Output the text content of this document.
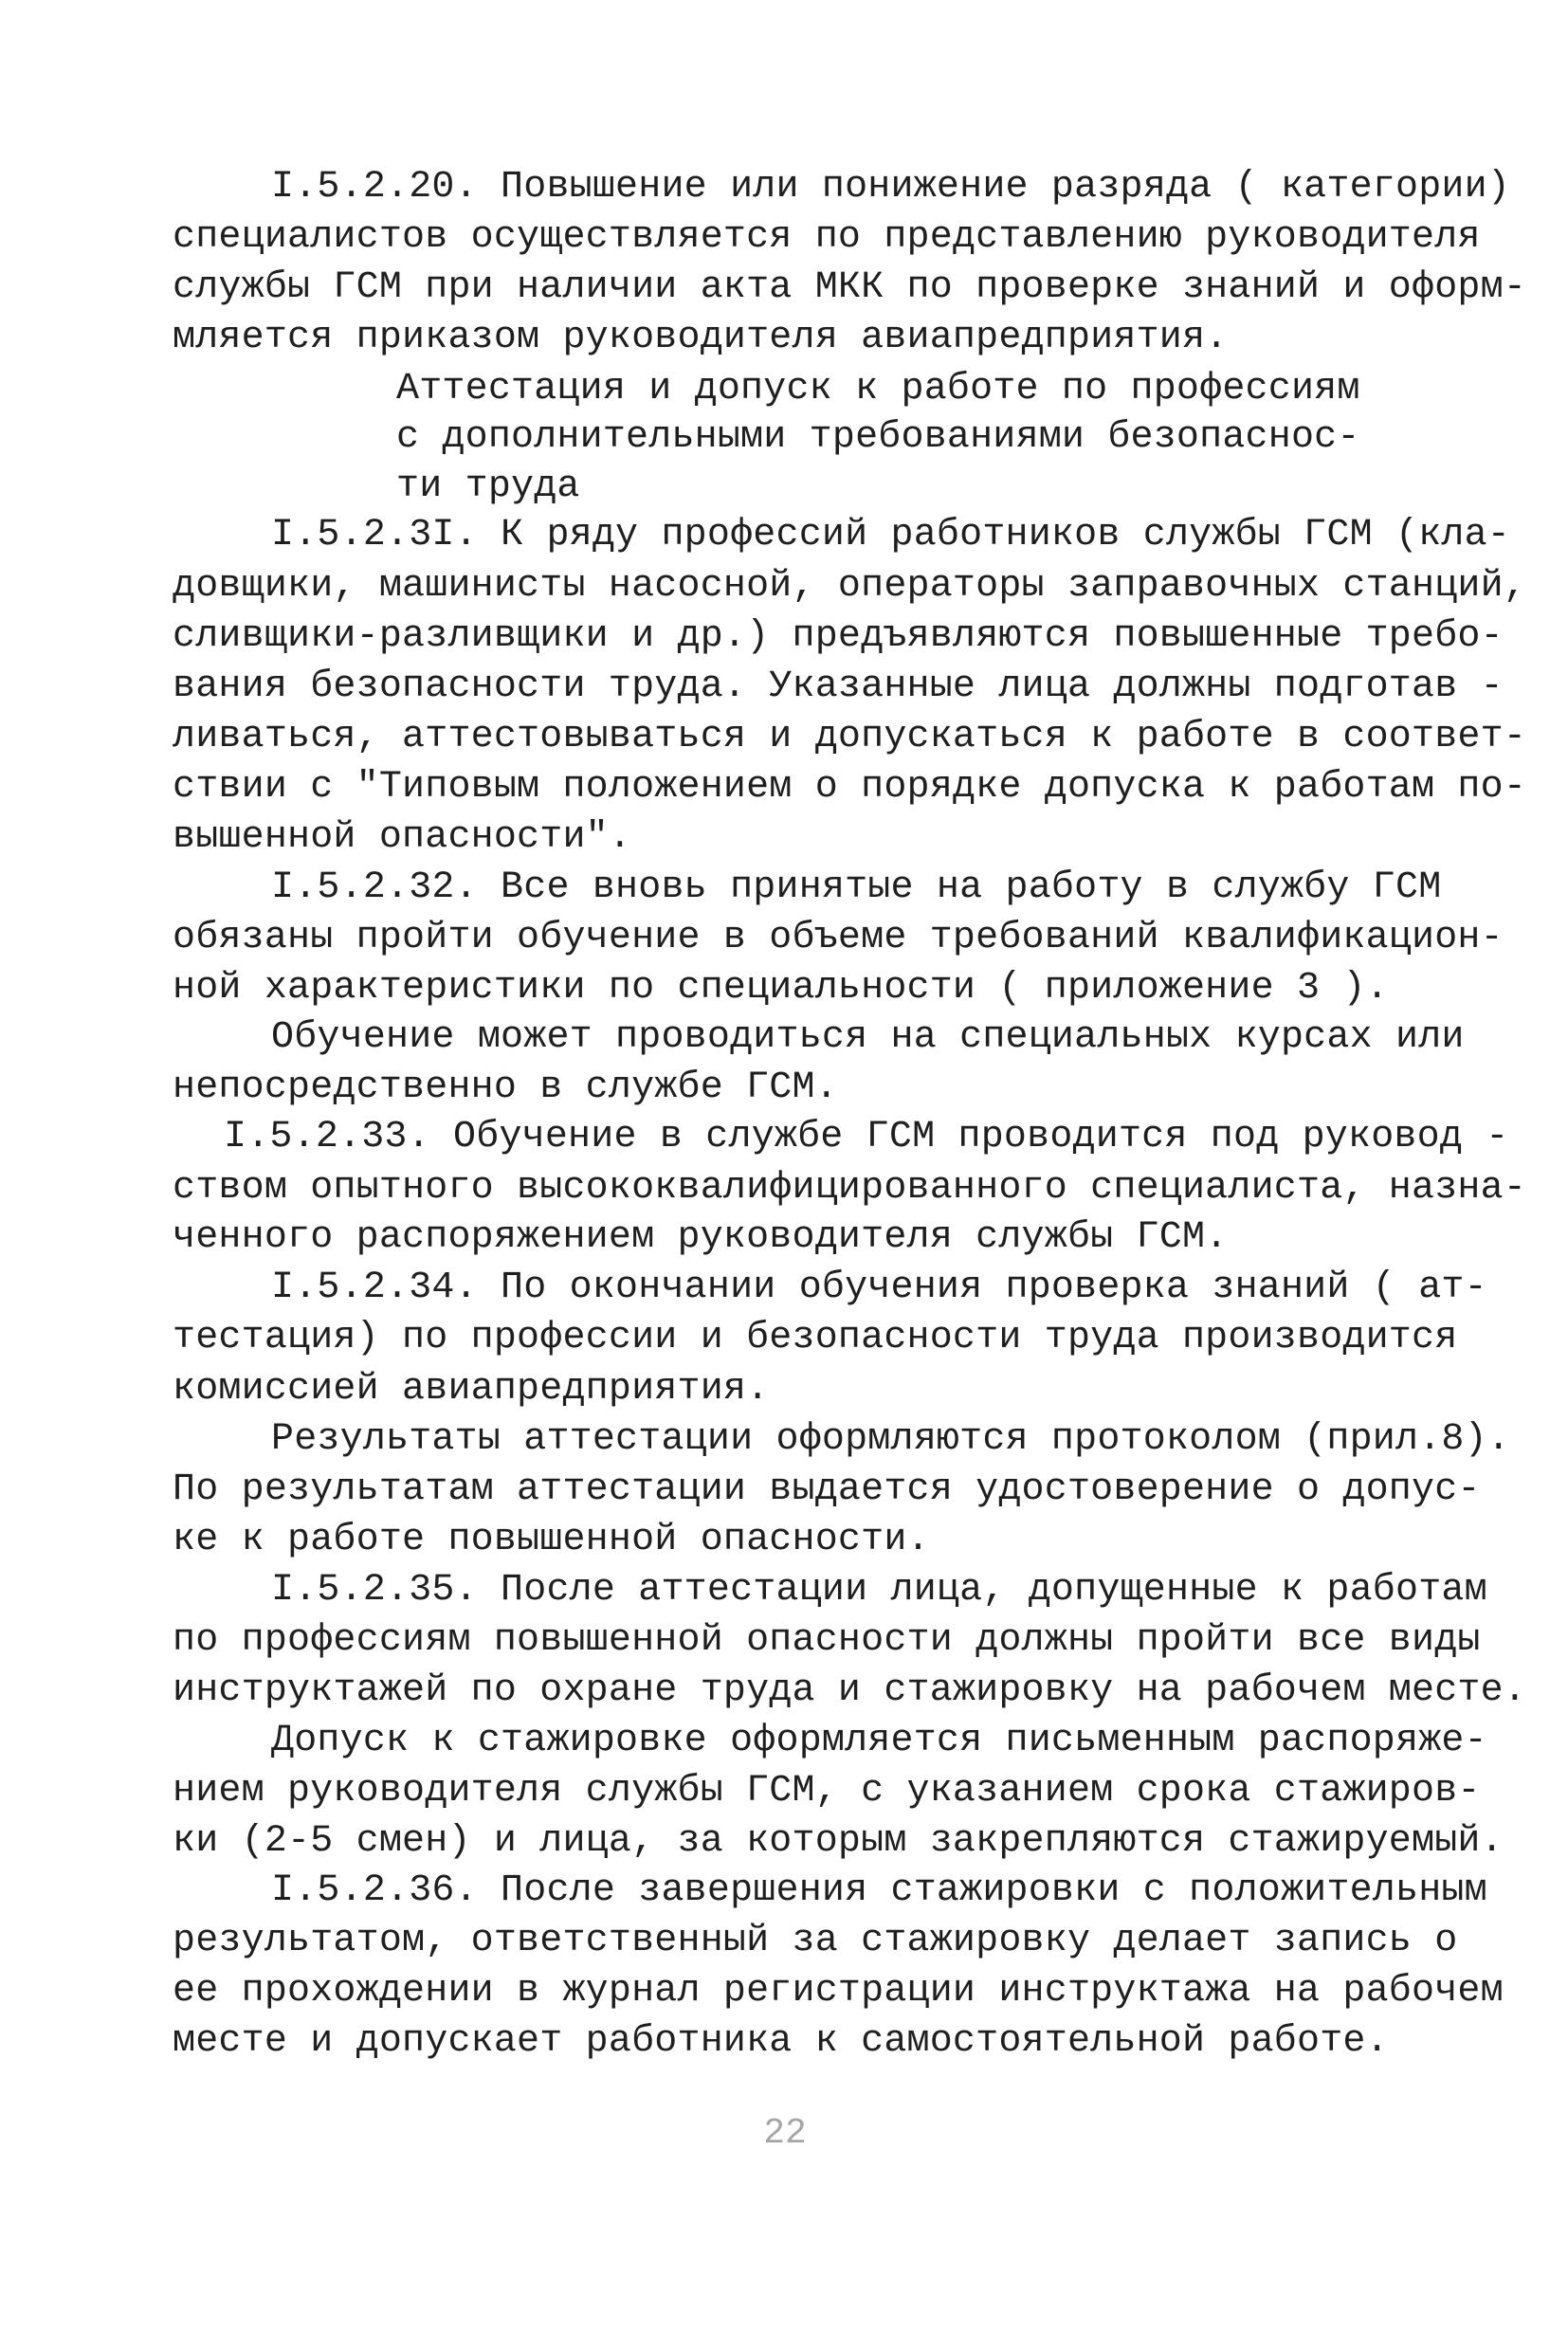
I.5.2.20. Повышение или понижение разряда ( категории)

специалистов осуществляется по представлению руководителя

службы ГСМ при наличии акта МКК по проверке знаний и оформ-

мляется приказом руководителя авиапредприятия.

Аттестация и допуск к работе по профессиям

с дополнительными требованиями безопаснос-

ти труда

I.5.2.3I. К ряду профессий работников службы ГСМ (кла-

довщики, машинисты насосной, операторы заправочных станций,

сливщики-разливщики и др.) предъявляются повышенные требо-

вания безопасности труда. Указанные лица должны подготав -

ливаться, аттестовываться и допускаться к работе в соответ-

ствии с "Типовым положением о порядке допуска к работам по-

вышенной опасности".

I.5.2.32. Все вновь принятые на работу в службу ГСМ

обязаны пройти обучение в объеме требований квалификацион-

ной характеристики по специальности ( приложение 3 ).

Обучение может проводиться на специальных курсах или

непосредственно в службе ГСМ.

I.5.2.33. Обучение в службе ГСМ проводится под руковод -

ством опытного высококвалифицированного специалиста, назна-

ченного распоряжением руководителя службы ГСМ.

I.5.2.34. По окончании обучения проверка знаний ( ат-

тестация) по профессии и безопасности труда производится

комиссией авиапредприятия.

Результаты аттестации оформляются протоколом (прил.8).

По результатам аттестации выдается удостоверение о допус-

ке к работе повышенной опасности.

I.5.2.35. После аттестации лица, допущенные к работам

по профессиям повышенной опасности должны пройти все виды

инструктажей по охране труда и стажировку на рабочем месте.

Допуск к стажировке оформляется письменным распоряже-

нием руководителя службы ГСМ, с указанием срока стажиров-

ки (2-5 смен) и лица, за которым закрепляются стажируемый.

I.5.2.36. После завершения стажировки с положительным

результатом, ответственный за стажировку делает запись о

ее прохождении в журнал регистрации инструктажа на рабочем

месте и допускает работника к самостоятельной работе.

22
